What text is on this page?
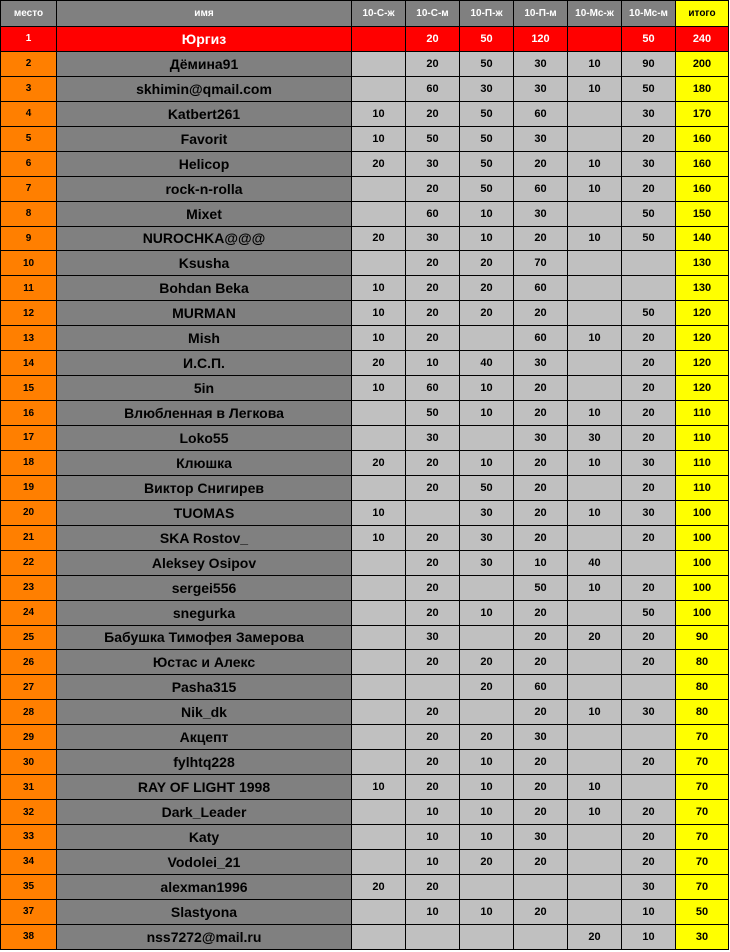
место	имя	10-С-ж	10-С-м	10-П-ж	10-П-м	10-Мс-ж	10-Мс-м	итого
1	Юргиз		20	50	120		50	240
2	Дёмина91		20	50	30	10	90	200
3	skhimin@qmail.com		60	30	30	10	50	180
4	Katbert261	10	20	50	60		30	170
5	Favorit	10	50	50	30		20	160
6	Helicop	20	30	50	20	10	30	160
7	rock-n-rolla		20	50	60	10	20	160
8	Mixet		60	10	30		50	150
9	NUROCHKA@@@	20	30	10	20	10	50	140
10	Ksusha		20	20	70			130
11	Bohdan Beka	10	20	20	60			130
12	MURMAN	10	20	20	20		50	120
13	Mish	10	20		60	10	20	120
14	И.С.П.	20	10	40	30		20	120
15	5in	10	60	10	20		20	120
16	Влюбленная в Легкова		50	10	20	10	20	110
17	Loko55		30		30	30	20	110
18	Клюшка	20	20	10	20	10	30	110
19	Виктор Снигирев		20	50	20		20	110
20	TUOMAS	10		30	20	10	30	100
21	SKA Rostov_	10	20	30	20		20	100
22	Aleksey Osipov		20	30	10	40		100
23	sergei556		20		50	10	20	100
24	snegurka		20	10	20		50	100
25	Бабушка Тимофея Замерова		30		20	20	20	90
26	Юстас и Алекс		20	20	20		20	80
27	Pasha315			20	60			80
28	Nik_dk		20		20	10	30	80
29	Акцепт		20	20	30			70
30	fylhtq228		20	10	20		20	70
31	RAY OF LIGHT 1998	10	20	10	20	10		70
32	Dark_Leader		10	10	20	10	20	70
33	Katy		10	10	30		20	70
34	Vodolei_21		10	20	20		20	70
35	alexman1996	20	20				30	70
37	Slastyona		10	10	20		10	50
38	nss7272@mail.ru					20	10	30
